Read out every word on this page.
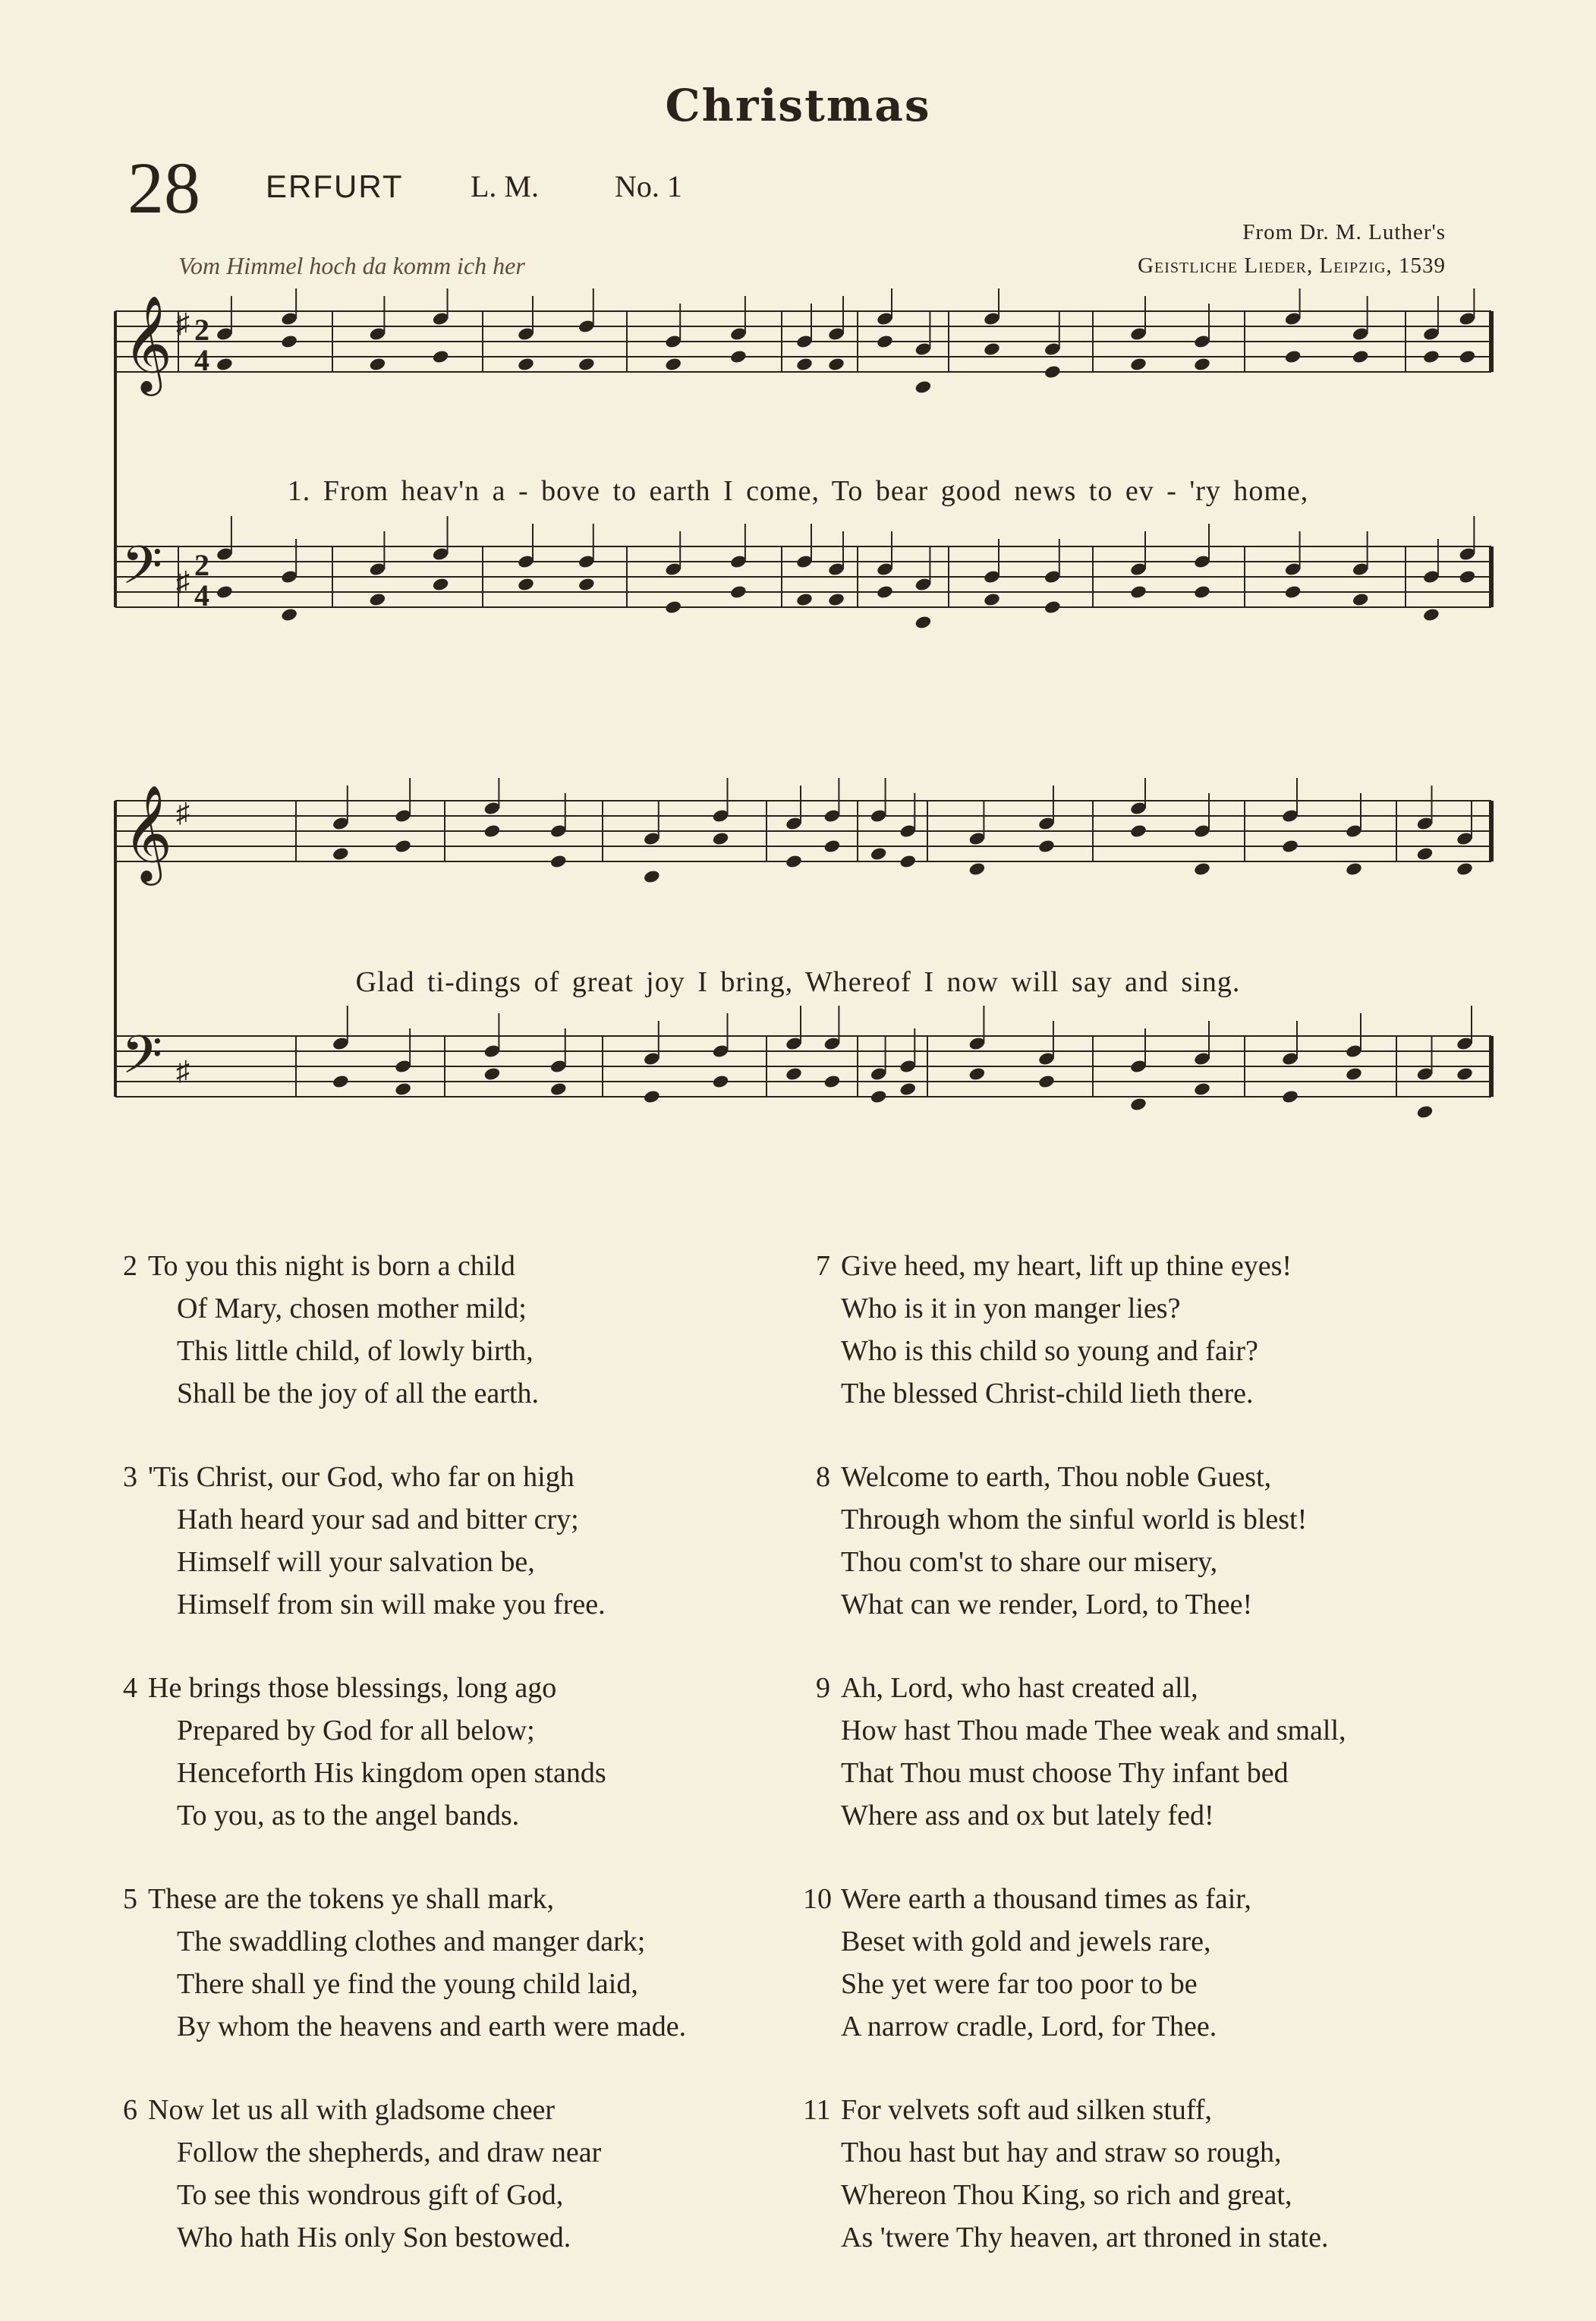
Christmas
28 ERFURT L. M.	No. 1
From Dr. M. Luther's
Geistliche Lieder, Leipzig, 1539
Vom Himmel hoch da komm ich her
𝄞
𝄢
♯
♯
2
4
2
4
1. From heav'n a - bove to earth I come, To bear good news to ev - 'ry home,
𝄞
𝄢
♯
♯
Glad ti-dings of great joy I bring, Whereof I now will say and sing.
2 To you this night is born a child
Of Mary, chosen mother mild;
This little child, of lowly birth,
Shall be the joy of all the earth.
3 'Tis Christ, our God, who far on high
Hath heard your sad and bitter cry;
Himself will your salvation be,
Himself from sin will make you free.
4 He brings those blessings, long ago
Prepared by God for all below;
Henceforth His kingdom open stands
To you, as to the angel bands.
5 These are the tokens ye shall mark,
The swaddling clothes and manger dark;
There shall ye find the young child laid,
By whom the heavens and earth were made.
6 Now let us all with gladsome cheer
Follow the shepherds, and draw near
To see this wondrous gift of God,
Who hath His only Son bestowed.
7 Give heed, my heart, lift up thine eyes!
Who is it in yon manger lies?
Who is this child so young and fair?
The blessed Christ-child lieth there.
8 Welcome to earth, Thou noble Guest,
Through whom the sinful world is blest!
Thou com'st to share our misery,
What can we render, Lord, to Thee!
9 Ah, Lord, who hast created all,
How hast Thou made Thee weak and small,
That Thou must choose Thy infant bed
Where ass and ox but lately fed!
10 Were earth a thousand times as fair,
Beset with gold and jewels rare,
She yet were far too poor to be
A narrow cradle, Lord, for Thee.
11 For velvets soft aud silken stuff,
Thou hast but hay and straw so rough,
Whereon Thou King, so rich and great,
As 'twere Thy heaven, art throned in state.
